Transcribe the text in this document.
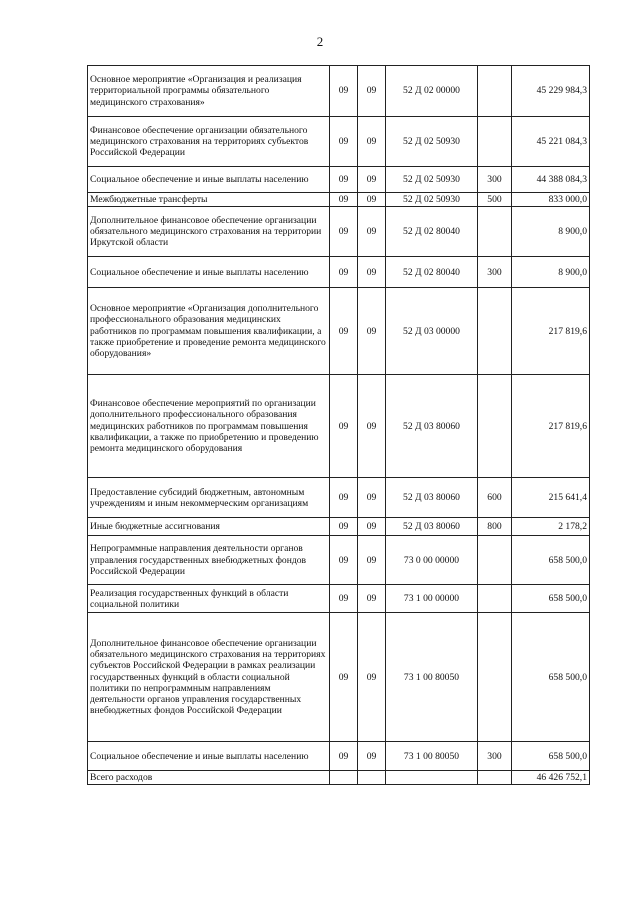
2
Основное мероприятие «Организация и реализация территориальной программы обязательного медицинского страхования»	09	09	52 Д 02 00000		45 229 984,3
Финансовое обеспечение организации обязательного медицинского страхования на территориях субъектов Российской Федерации	09	09	52 Д 02 50930		45 221 084,3
Социальное обеспечение и иные выплаты населению	09	09	52 Д 02 50930	300	44 388 084,3
Межбюджетные трансферты	09	09	52 Д 02 50930	500	833 000,0
Дополнительное финансовое обеспечение организации обязательного медицинского страхования на территории Иркутской области	09	09	52 Д 02 80040		8 900,0
Социальное обеспечение и иные выплаты населению	09	09	52 Д 02 80040	300	8 900,0
Основное мероприятие «Организация дополнительного профессионального образования медицинских работников по программам повышения квалификации, а также приобретение и проведение ремонта медицинского оборудования»	09	09	52 Д 03 00000		217 819,6
Финансовое обеспечение мероприятий по организации дополнительного профессионального образования медицинских работников по программам повышения квалификации, а также по приобретению и проведению ремонта медицинского оборудования	09	09	52 Д 03 80060		217 819,6
Предоставление субсидий бюджетным, автономным учреждениям и иным некоммерческим организациям	09	09	52 Д 03 80060	600	215 641,4
Иные бюджетные ассигнования	09	09	52 Д 03 80060	800	2 178,2
Непрограммные направления деятельности органов управления государственных внебюджетных фондов Российской Федерации	09	09	73 0 00 00000		658 500,0
Реализация государственных функций в области социальной политики	09	09	73 1 00 00000		658 500,0
Дополнительное финансовое обеспечение организации обязательного медицинского страхования на территориях субъектов Российской Федерации в рамках реализации государственных функций в области социальной политики по непрограммным направлениям деятельности органов управления государственных внебюджетных фондов Российской Федерации	09	09	73 1 00 80050		658 500,0
Социальное обеспечение и иные выплаты населению	09	09	73 1 00 80050	300	658 500,0
Всего расходов					46 426 752,1
